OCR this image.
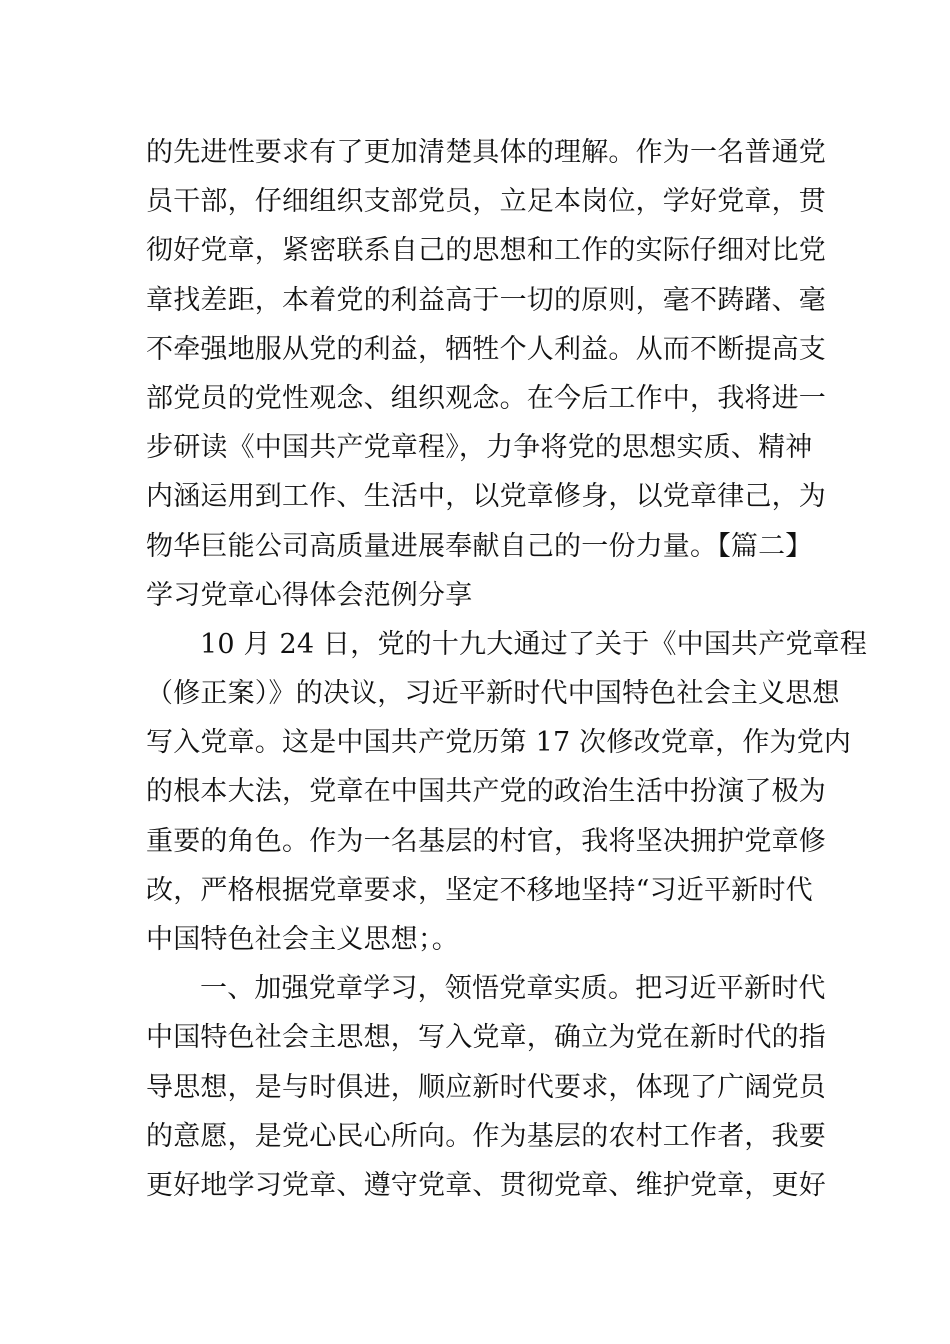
的先进性要求有了更加清楚具体的理解。作为一名普通党
员干部，仔细组织支部党员，立足本岗位，学好党章，贯
彻好党章，紧密联系自己的思想和工作的实际仔细对比党
章找差距，本着党的利益高于一切的原则，毫不踌躇、毫
不牵强地服从党的利益，牺牲个人利益。从而不断提高支
部党员的党性观念、组织观念。在今后工作中，我将进一
步研读《中国共产党章程》，力争将党的思想实质、精神
内涵运用到工作、生活中，以党章修身，以党章律己，为
物华巨能公司高质量进展奉献自己的一份力量。【篇二】
学习党章心得体会范例分享
10 月 24 日，党的十九大通过了关于《中国共产党章程
（修正案）》的决议，习近平新时代中国特色社会主义思想
写入党章。这是中国共产党历第 17 次修改党章，作为党内
的根本大法，党章在中国共产党的政治生活中扮演了极为
重要的角色。作为一名基层的村官，我将坚决拥护党章修
改，严格根据党章要求，坚定不移地坚持“习近平新时代
中国特色社会主义思想；。
一、加强党章学习，领悟党章实质。把习近平新时代
中国特色社会主思想，写入党章，确立为党在新时代的指
导思想，是与时俱进，顺应新时代要求，体现了广阔党员
的意愿，是党心民心所向。作为基层的农村工作者，我要
更好地学习党章、遵守党章、贯彻党章、维护党章，更好
